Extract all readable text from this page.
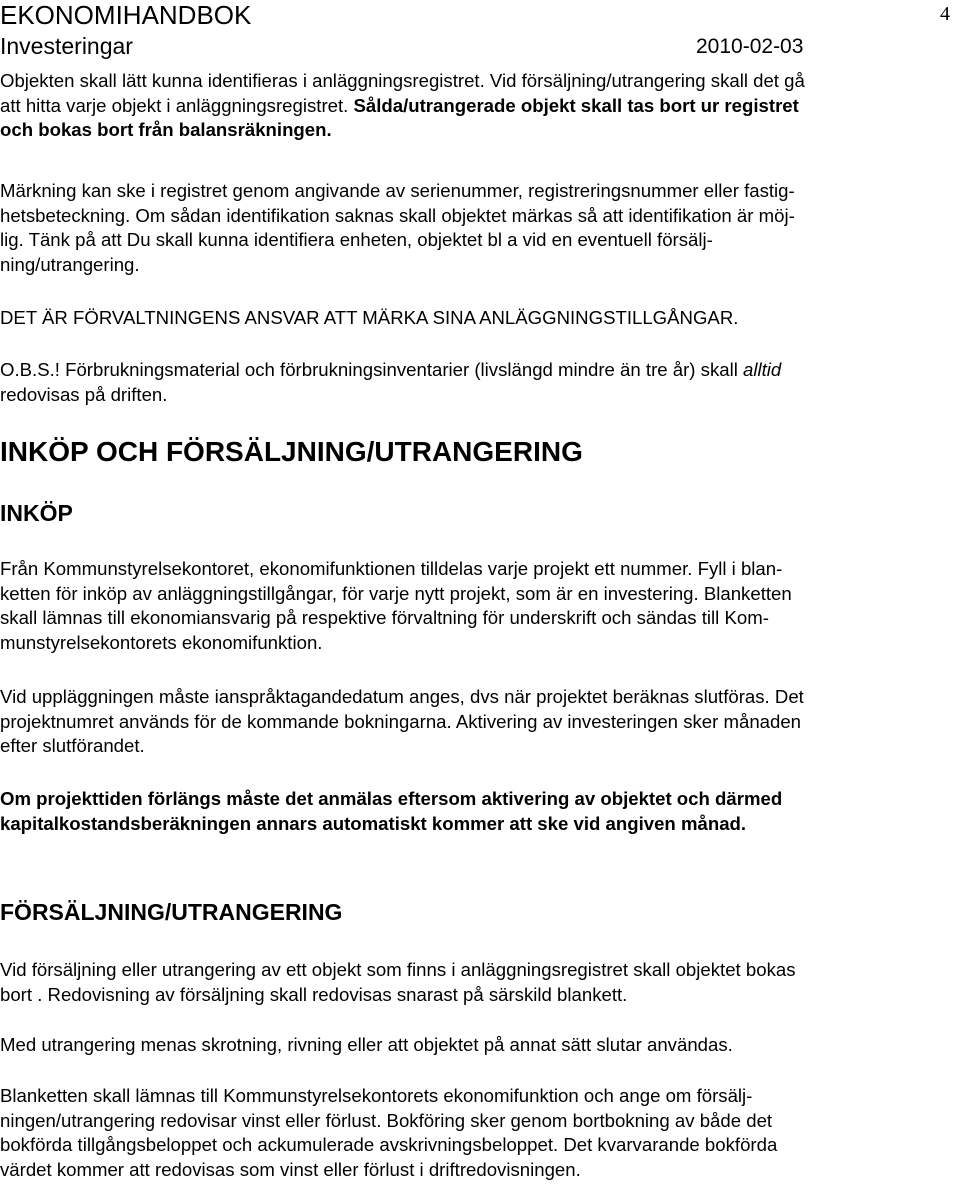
EKONOMIHANDBOK
Investeringar	2010-02-03
4
Objekten skall lätt kunna identifieras i anläggningsregistret. Vid försäljning/utrangering skall det gå
att hitta varje objekt i anläggningsregistret. Sålda/utrangerade objekt skall tas bort ur registret
och bokas bort från balansräkningen.
Märkning kan ske i registret genom angivande av serienummer, registreringsnummer eller fastig-
hetsbeteckning. Om sådan identifikation saknas skall objektet märkas så att identifikation är möj-
lig. Tänk på att Du skall kunna identifiera enheten, objektet bl a vid en eventuell försälj-
ning/utrangering.
DET ÄR FÖRVALTNINGENS ANSVAR ATT MÄRKA SINA ANLÄGGNINGSTILLGÅNGAR.
O.B.S.! Förbrukningsmaterial och förbrukningsinventarier (livslängd mindre än tre år) skall alltid
redovisas på driften.
INKÖP OCH FÖRSÄLJNING/UTRANGERING
INKÖP
Från Kommunstyrelsekontoret, ekonomifunktionen tilldelas varje projekt ett nummer. Fyll i blan-
ketten för inköp av anläggningstillgångar, för varje nytt projekt, som är en investering. Blanketten
skall lämnas till ekonomiansvarig på respektive förvaltning för underskrift och sändas till Kom-
munstyrelsekontorets ekonomifunktion.
Vid uppläggningen måste ianspråktagandedatum anges, dvs när projektet beräknas slutföras. Det
projektnumret används för de kommande bokningarna. Aktivering av investeringen sker månaden
efter slutförandet.
Om projekttiden förlängs måste det anmälas eftersom aktivering av objektet och därmed
kapitalkostandsberäkningen annars automatiskt kommer att ske vid angiven månad.
FÖRSÄLJNING/UTRANGERING
Vid försäljning eller utrangering av ett objekt som finns i anläggningsregistret skall objektet bokas
bort . Redovisning av försäljning skall redovisas snarast på särskild blankett.
Med utrangering menas skrotning, rivning eller att objektet på annat sätt slutar användas.
Blanketten skall lämnas till Kommunstyrelsekontorets ekonomifunktion och ange om försälj-
ningen/utrangering redovisar vinst eller förlust. Bokföring sker genom bortbokning av både det
bokförda tillgångsbeloppet och ackumulerade avskrivningsbeloppet. Det kvarvarande bokförda
värdet kommer att redovisas som vinst eller förlust i driftredovisningen.
